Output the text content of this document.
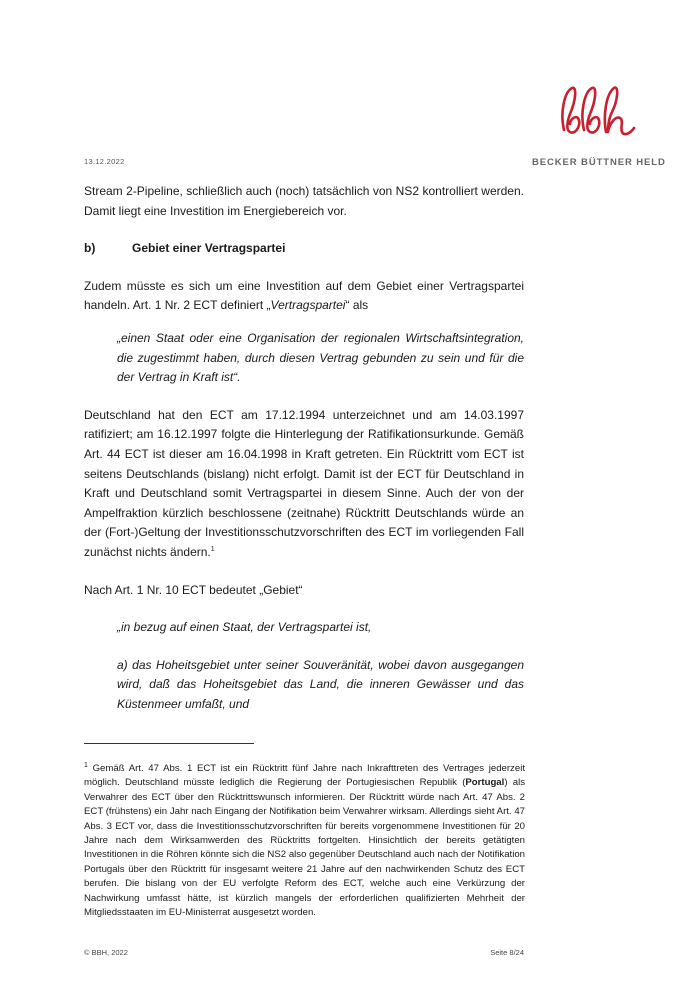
BECKER BÜTTNER HELD
13.12.2022

Stream 2-Pipeline, schließlich auch (noch) tatsächlich von NS2 kontrolliert werden. Damit liegt eine Investition im Energiebereich vor.

b)	Gebiet einer Vertragspartei

Zudem müsste es sich um eine Investition auf dem Gebiet einer Vertragspartei handeln. Art. 1 Nr. 2 ECT definiert „Vertragspartei“ als

„einen Staat oder eine Organisation der regionalen Wirtschaftsintegration, die zugestimmt haben, durch diesen Vertrag gebunden zu sein und für die der Vertrag in Kraft ist“.

Deutschland hat den ECT am 17.12.1994 unterzeichnet und am 14.03.1997 ratifiziert; am 16.12.1997 folgte die Hinterlegung der Ratifikationsurkunde. Gemäß Art. 44 ECT ist dieser am 16.04.1998 in Kraft getreten. Ein Rücktritt vom ECT ist seitens Deutschlands (bislang) nicht erfolgt. Damit ist der ECT für Deutschland in Kraft und Deutschland somit Vertragspartei in diesem Sinne. Auch der von der Ampelfraktion kürzlich beschlossene (zeitnahe) Rücktritt Deutschlands würde an der (Fort-)Geltung der Investitionsschutzvorschriften des ECT im vorliegenden Fall zunächst nichts ändern.$^1$

Nach Art. 1 Nr. 10 ECT bedeutet „Gebiet“

„in bezug auf einen Staat, der Vertragspartei ist,

a) das Hoheitsgebiet unter seiner Souveränität, wobei davon ausgegangen wird, daß das Hoheitsgebiet das Land, die inneren Gewässer und das Küstenmeer umfaßt, und

$^1$ Gemäß Art. 47 Abs. 1 ECT ist ein Rücktritt fünf Jahre nach Inkrafttreten des Vertrages jederzeit möglich. Deutschland müsste lediglich die Regierung der Portugiesischen Republik (Portugal) als Verwahrer des ECT über den Rücktrittswunsch informieren. Der Rücktritt würde nach Art. 47 Abs. 2 ECT (frühstens) ein Jahr nach Eingang der Notifikation beim Verwahrer wirksam. Allerdings sieht Art. 47 Abs. 3 ECT vor, dass die Investitionsschutzvorschriften für bereits vorgenommene Investitionen für 20 Jahre nach dem Wirksamwerden des Rücktritts fortgelten. Hinsichtlich der bereits getätigten Investitionen in die Röhren könnte sich die NS2 also gegenüber Deutschland auch nach der Notifikation Portugals über den Rücktritt für insgesamt weitere 21 Jahre auf den nachwirkenden Schutz des ECT berufen. Die bislang von der EU verfolgte Reform des ECT, welche auch eine Verkürzung der Nachwirkung umfasst hätte, ist kürzlich mangels der erforderlichen qualifizierten Mehrheit der Mitgliedsstaaten im EU-Ministerrat ausgesetzt worden.
© BBH, 2022	Seite 8/24
